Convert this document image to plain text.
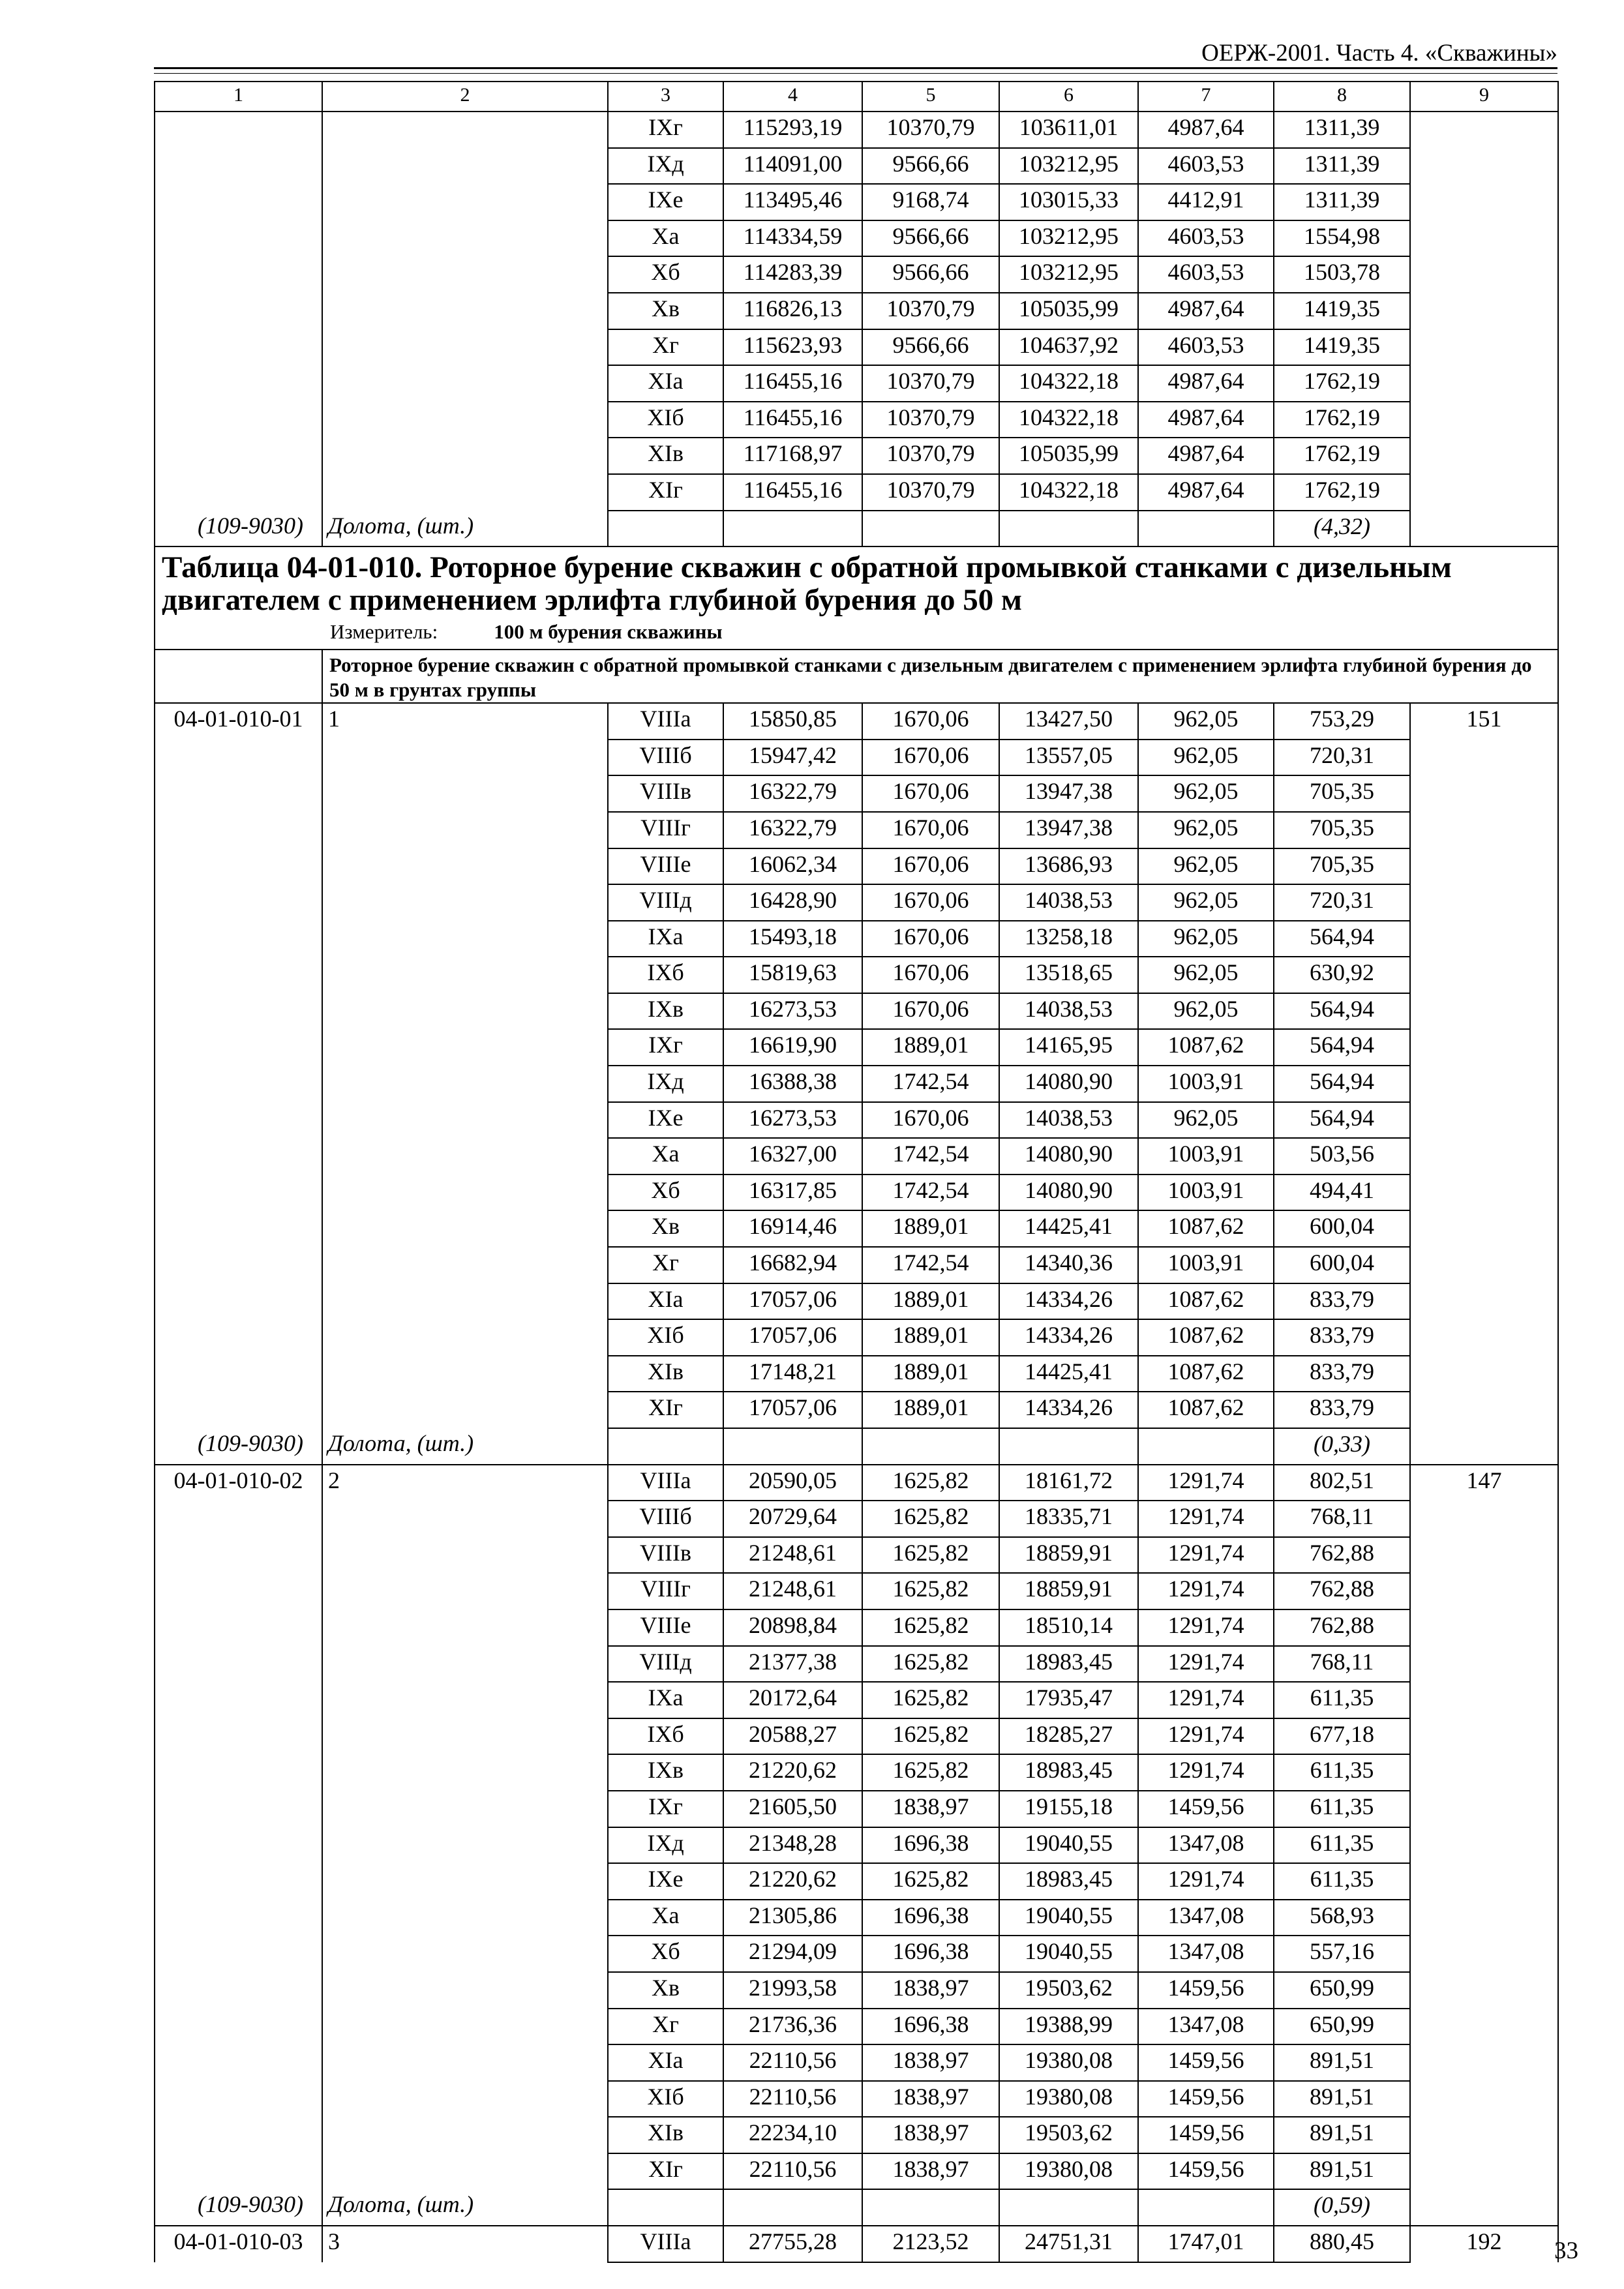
ОЕРЖ-2001. Часть 4. «Скважины»
1	2	3	4	5	6	7	8	9
		IXг	115293,19	10370,79	103611,01	4987,64	1311,39	
		IXд	114091,00	9566,66	103212,95	4603,53	1311,39	
		IXе	113495,46	9168,74	103015,33	4412,91	1311,39	
		Xа	114334,59	9566,66	103212,95	4603,53	1554,98	
		Xб	114283,39	9566,66	103212,95	4603,53	1503,78	
		Xв	116826,13	10370,79	105035,99	4987,64	1419,35	
		Xг	115623,93	9566,66	104637,92	4603,53	1419,35	
		XIа	116455,16	10370,79	104322,18	4987,64	1762,19	
		XIб	116455,16	10370,79	104322,18	4987,64	1762,19	
		XIв	117168,97	10370,79	105035,99	4987,64	1762,19	
		XIг	116455,16	10370,79	104322,18	4987,64	1762,19	
(109-9030)	Долота, (шт.)						(4,32)	

Таблица 04-01-010. Роторное бурение скважин с обратной промывкой станками с дизельным двигателем с применением эрлифта глубиной бурения до 50 м
Измеритель: 100 м бурения скважины								

	Роторное бурение скважин с обратной промывкой станками с дизельным двигателем с применением эрлифта глубиной бурения до 50 м в грунтах группы							

04-01-010-01	1	VIIIа	15850,85	1670,06	13427,50	962,05	753,29	151
		VIIIб	15947,42	1670,06	13557,05	962,05	720,31	
		VIIIв	16322,79	1670,06	13947,38	962,05	705,35	
		VIIIг	16322,79	1670,06	13947,38	962,05	705,35	
		VIIIе	16062,34	1670,06	13686,93	962,05	705,35	
		VIIIд	16428,90	1670,06	14038,53	962,05	720,31	
		IXа	15493,18	1670,06	13258,18	962,05	564,94	
		IXб	15819,63	1670,06	13518,65	962,05	630,92	
		IXв	16273,53	1670,06	14038,53	962,05	564,94	
		IXг	16619,90	1889,01	14165,95	1087,62	564,94	
		IXд	16388,38	1742,54	14080,90	1003,91	564,94	
		IXе	16273,53	1670,06	14038,53	962,05	564,94	
		Xа	16327,00	1742,54	14080,90	1003,91	503,56	
		Xб	16317,85	1742,54	14080,90	1003,91	494,41	
		Xв	16914,46	1889,01	14425,41	1087,62	600,04	
		Xг	16682,94	1742,54	14340,36	1003,91	600,04	
		XIа	17057,06	1889,01	14334,26	1087,62	833,79	
		XIб	17057,06	1889,01	14334,26	1087,62	833,79	
		XIв	17148,21	1889,01	14425,41	1087,62	833,79	
		XIг	17057,06	1889,01	14334,26	1087,62	833,79	
(109-9030)	Долота, (шт.)						(0,33)	
04-01-010-02	2	VIIIа	20590,05	1625,82	18161,72	1291,74	802,51	147
		VIIIб	20729,64	1625,82	18335,71	1291,74	768,11	
		VIIIв	21248,61	1625,82	18859,91	1291,74	762,88	
		VIIIг	21248,61	1625,82	18859,91	1291,74	762,88	
		VIIIе	20898,84	1625,82	18510,14	1291,74	762,88	
		VIIIд	21377,38	1625,82	18983,45	1291,74	768,11	
		IXа	20172,64	1625,82	17935,47	1291,74	611,35	
		IXб	20588,27	1625,82	18285,27	1291,74	677,18	
		IXв	21220,62	1625,82	18983,45	1291,74	611,35	
		IXг	21605,50	1838,97	19155,18	1459,56	611,35	
		IXд	21348,28	1696,38	19040,55	1347,08	611,35	
		IXе	21220,62	1625,82	18983,45	1291,74	611,35	
		Xа	21305,86	1696,38	19040,55	1347,08	568,93	
		Xб	21294,09	1696,38	19040,55	1347,08	557,16	
		Xв	21993,58	1838,97	19503,62	1459,56	650,99	
		Xг	21736,36	1696,38	19388,99	1347,08	650,99	
		XIа	22110,56	1838,97	19380,08	1459,56	891,51	
		XIб	22110,56	1838,97	19380,08	1459,56	891,51	
		XIв	22234,10	1838,97	19503,62	1459,56	891,51	
		XIг	22110,56	1838,97	19380,08	1459,56	891,51	
(109-9030)	Долота, (шт.)						(0,59)	
04-01-010-03	3	VIIIа	27755,28	2123,52	24751,31	1747,01	880,45	192 33
